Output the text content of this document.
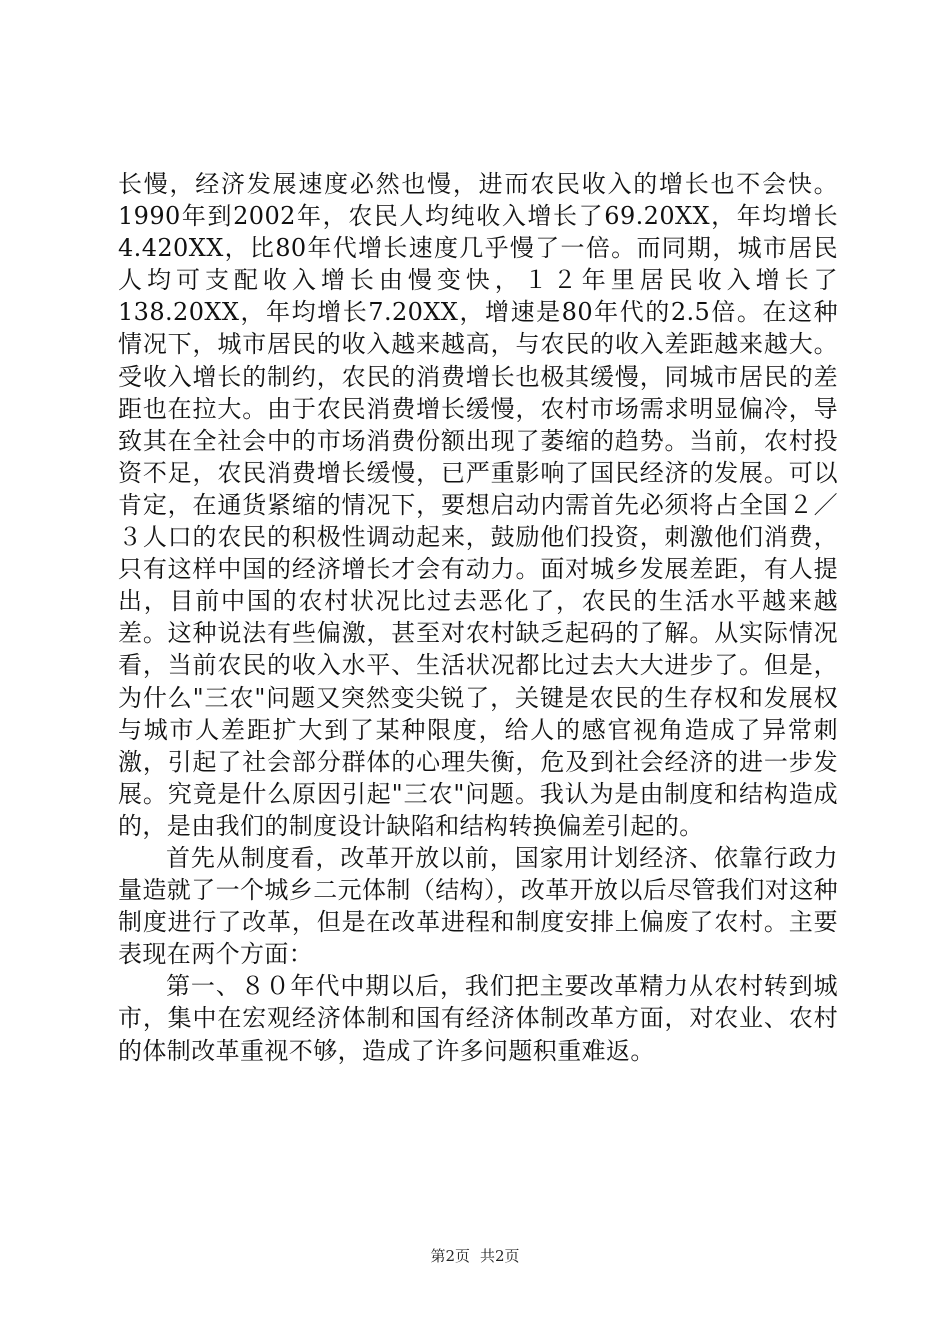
长慢，经济发展速度必然也慢，进而农民收入的增长也不会快。1990年到2002年，农民人均纯收入增长了69.20XX，年均增长4.420XX，比80年代增长速度几乎慢了一倍。而同期，城市居民人均可支配收入增长由慢变快，１２年里居民收入增长了138.20XX，年均增长7.20XX，增速是80年代的2.5倍。在这种情况下，城市居民的收入越来越高，与农民的收入差距越来越大。受收入增长的制约，农民的消费增长也极其缓慢，同城市居民的差距也在拉大。由于农民消费增长缓慢，农村市场需求明显偏冷，导致其在全社会中的市场消费份额出现了萎缩的趋势。当前，农村投资不足，农民消费增长缓慢，已严重影响了国民经济的发展。可以肯定，在通货紧缩的情况下，要想启动内需首先必须将占全国２／３人口的农民的积极性调动起来，鼓励他们投资，刺激他们消费，只有这样中国的经济增长才会有动力。面对城乡发展差距，有人提出，目前中国的农村状况比过去恶化了，农民的生活水平越来越差。这种说法有些偏激，甚至对农村缺乏起码的了解。从实际情况看，当前农民的收入水平、生活状况都比过去大大进步了。但是，为什么"三农"问题又突然变尖锐了，关键是农民的生存权和发展权与城市人差距扩大到了某种限度，给人的感官视角造成了异常刺激，引起了社会部分群体的心理失衡，危及到社会经济的进一步发展。究竟是什么原因引起"三农"问题。我认为是由制度和结构造成的，是由我们的制度设计缺陷和结构转换偏差引起的。

首先从制度看，改革开放以前，国家用计划经济、依靠行政力量造就了一个城乡二元体制（结构），改革开放以后尽管我们对这种制度进行了改革，但是在改革进程和制度安排上偏废了农村。主要表现在两个方面：

第一、８０年代中期以后，我们把主要改革精力从农村转到城市，集中在宏观经济体制和国有经济体制改革方面，对农业、农村的体制改革重视不够，造成了许多问题积重难返。

第2页 共2页
